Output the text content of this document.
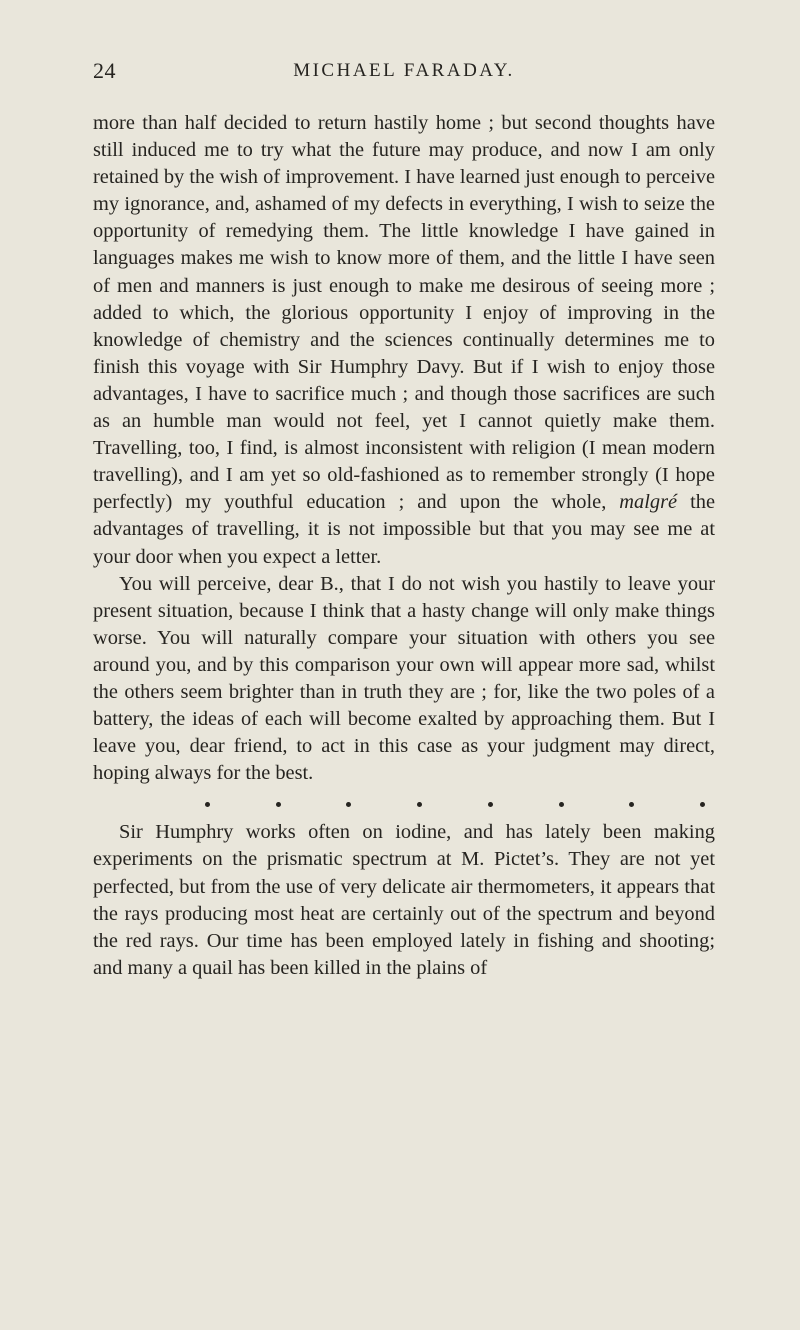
24	MICHAEL FARADAY.

more than half decided to return hastily home ; but second thoughts have still induced me to try what the future may produce, and now I am only retained by the wish of improvement. I have learned just enough to perceive my ignorance, and, ashamed of my defects in everything, I wish to seize the opportunity of remedying them. The little knowledge I have gained in languages makes me wish to know more of them, and the little I have seen of men and manners is just enough to make me desirous of seeing more ; added to which, the glorious opportunity I enjoy of improving in the knowledge of chemistry and the sciences continually determines me to finish this voyage with Sir Humphry Davy. But if I wish to enjoy those advantages, I have to sacrifice much ; and though those sacrifices are such as an humble man would not feel, yet I cannot quietly make them. Travelling, too, I find, is almost inconsistent with religion (I mean modern travelling), and I am yet so old-fashioned as to remember strongly (I hope perfectly) my youthful education ; and upon the whole, malgré the advantages of travelling, it is not impossible but that you may see me at your door when you expect a letter.

You will perceive, dear B., that I do not wish you hastily to leave your present situation, because I think that a hasty change will only make things worse. You will naturally compare your situation with others you see around you, and by this comparison your own will appear more sad, whilst the others seem brighter than in truth they are ; for, like the two poles of a battery, the ideas of each will become exalted by approaching them. But I leave you, dear friend, to act in this case as your judgment may direct, hoping always for the best.

Sir Humphry works often on iodine, and has lately been making experiments on the prismatic spectrum at M. Pictet’s. They are not yet perfected, but from the use of very delicate air thermometers, it appears that the rays producing most heat are certainly out of the spectrum and beyond the red rays. Our time has been employed lately in fishing and shooting; and many a quail has been killed in the plains of
